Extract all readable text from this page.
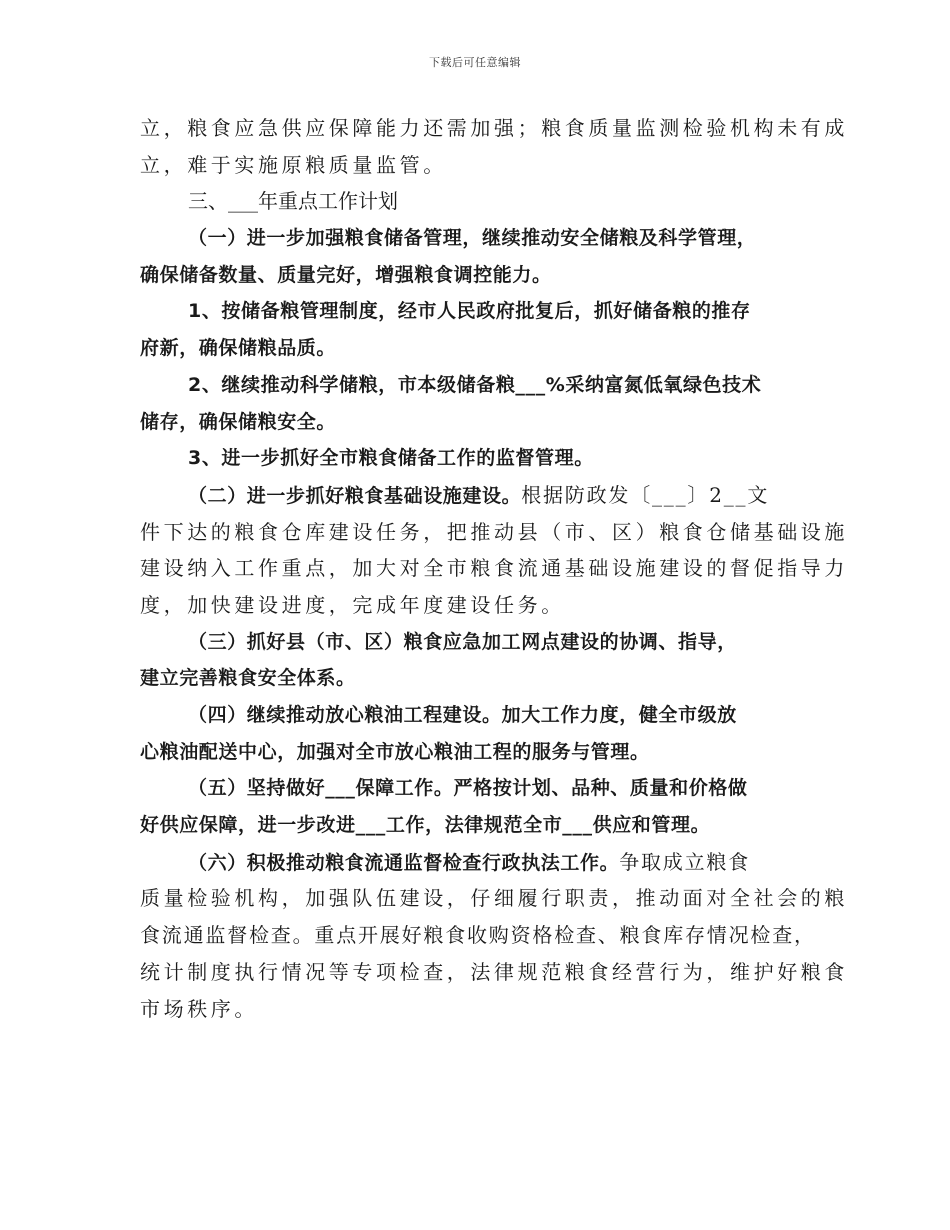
下载后可任意编辑
立，粮食应急供应保障能力还需加强；粮食质量监测检验机构未有成
立，难于实施原粮质量监管。
三、___年重点工作计划
（一）进一步加强粮食储备管理，继续推动安全储粮及科学管理，
确保储备数量、质量完好，增强粮食调控能力。
1、按储备粮管理制度，经市人民政府批复后，抓好储备粮的推存
府新，确保储粮品质。
2、继续推动科学储粮，市本级储备粮___%采纳富氮低氧绿色技术
储存，确保储粮安全。
3、进一步抓好全市粮食储备工作的监督管理。
（二）进一步抓好粮食基础设施建设。根据防政发〔___〕2__文
件下达的粮食仓库建设任务，把推动县（市、区）粮食仓储基础设施
建设纳入工作重点，加大对全市粮食流通基础设施建设的督促指导力
度，加快建设进度，完成年度建设任务。
（三）抓好县（市、区）粮食应急加工网点建设的协调、指导，
建立完善粮食安全体系。
（四）继续推动放心粮油工程建设。加大工作力度，健全市级放
心粮油配送中心，加强对全市放心粮油工程的服务与管理。
（五）坚持做好___保障工作。严格按计划、品种、质量和价格做
好供应保障，进一步改进___工作，法律规范全市___供应和管理。
（六）积极推动粮食流通监督检查行政执法工作。争取成立粮食
质量检验机构，加强队伍建设，仔细履行职责，推动面对全社会的粮
食流通监督检查。重点开展好粮食收购资格检查、粮食库存情况检查，
统计制度执行情况等专项检查，法律规范粮食经营行为，维护好粮食
市场秩序。
